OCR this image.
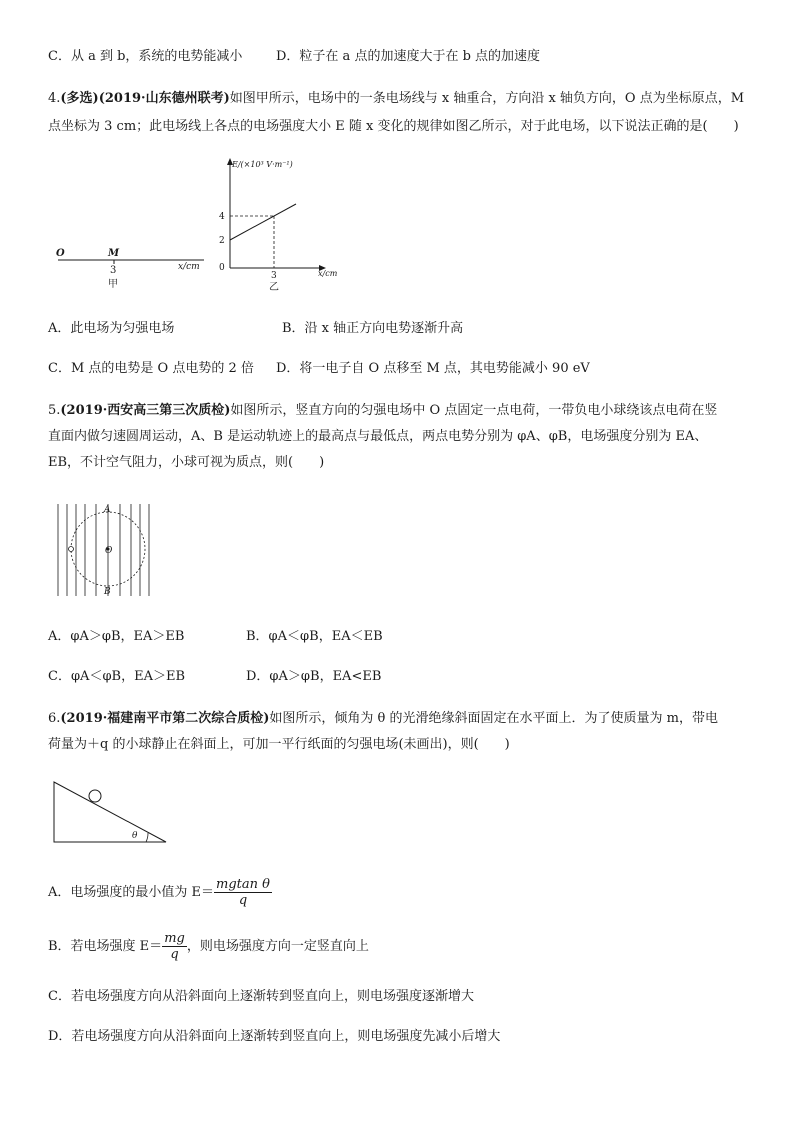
C．从 a 到 b，系统的电势能减小	D．粒子在 a 点的加速度大于在 b 点的加速度
4.(多选)(2019·山东德州联考)如图甲所示，电场中的一条电场线与 x 轴重合，方向沿 x 轴负方向，O 点为坐标原点，M
点坐标为 3 cm；此电场线上各点的电场强度大小 E 随 x 变化的规律如图乙所示，对于此电场，以下说法正确的是(　　)
O	M
3	x/cm
甲
E/(×10³ V·m⁻¹)
4
2
0
3	x/cm
乙
A．此电场为匀强电场	B．沿 x 轴正方向电势逐渐升高
C．M 点的电势是 O 点电势的 2 倍 D．将一电子自 O 点移至 M 点，其电势能减小 90 eV
5.(2019·西安高三第三次质检)如图所示，竖直方向的匀强电场中 O 点固定一点电荷，一带负电小球绕该点电荷在竖
直面内做匀速圆周运动，A、B 是运动轨迹上的最高点与最低点，两点电势分别为 φA、φB，电场强度分别为 EA、
EB，不计空气阻力，小球可视为质点，则(　　)
A
O
B
A．φA＞φB，EA＞EB	B．φA＜φB，EA＜EB
C．φA＜φB，EA＞EB	D．φA＞φB，EA<EB
6.(2019·福建南平市第二次综合质检)如图所示，倾角为 θ 的光滑绝缘斜面固定在水平面上．为了使质量为 m，带电
荷量为＋q 的小球静止在斜面上，可加一平行纸面的匀强电场(未画出)，则(　　)
θ
A．电场强度的最小值为 $E= \frac{\text{mgtan θ}}{q}$
B．若电场强度 $E= \frac{mg}{q}$ ，则电场强度方向一定竖直向上
C．若电场强度方向从沿斜面向上逐渐转到竖直向上，则电场强度逐渐增大
D．若电场强度方向从沿斜面向上逐渐转到竖直向上，则电场强度先减小后增大
